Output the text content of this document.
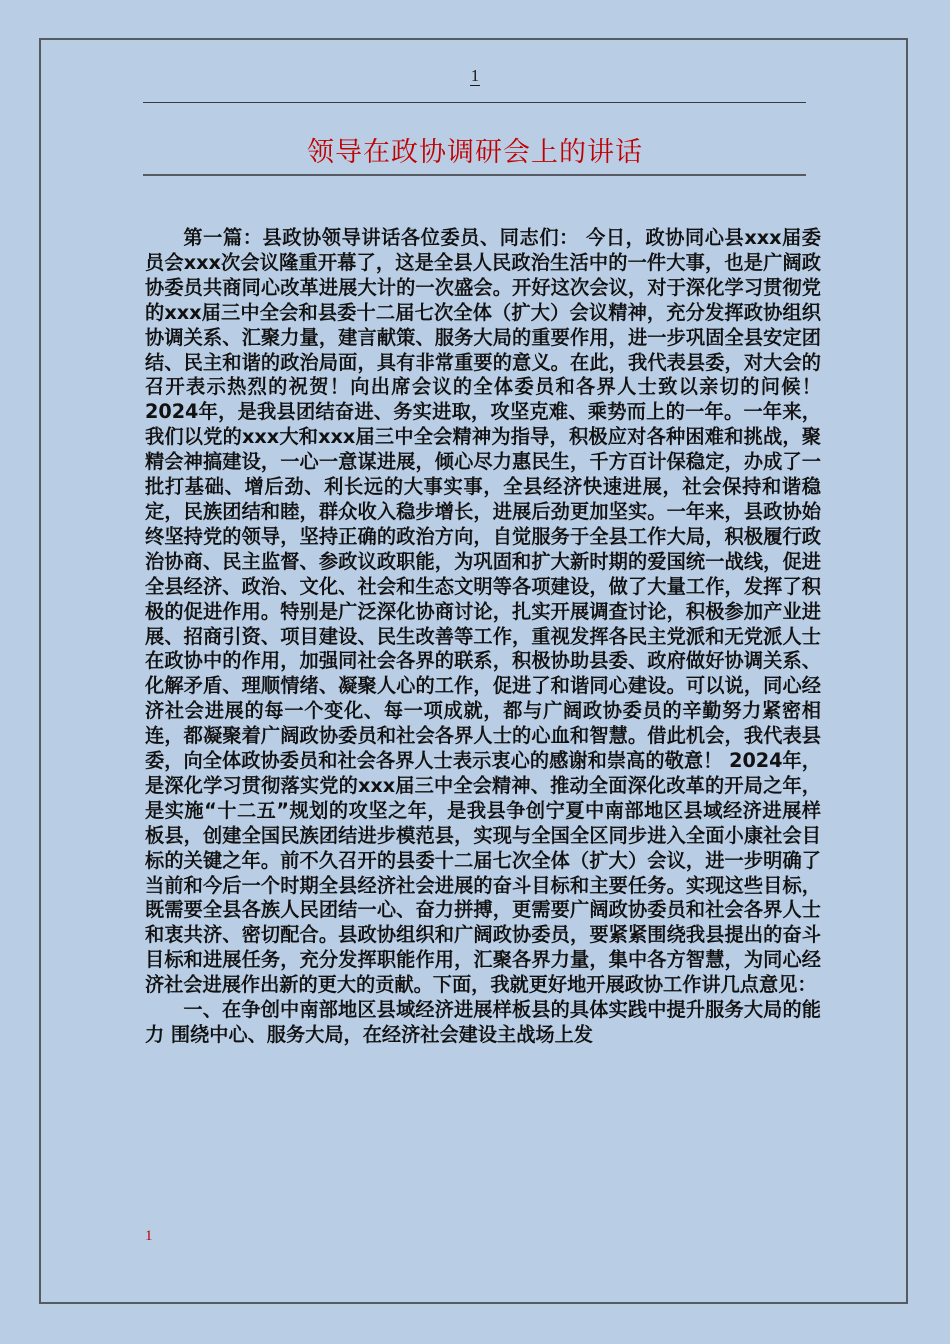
1
领导在政协调研会上的讲话

第一篇：县政协领导讲话各位委员、同志们： 今日，政协同心县xxx届委员会xxx次会议隆重开幕了，这是全县人民政治生活中的一件大事，也是广阔政协委员共商同心改革进展大计的一次盛会。开好这次会议，对于深化学习贯彻党的xxx届三中全会和县委十二届七次全体（扩大）会议精神，充分发挥政协组织协调关系、汇聚力量，建言献策、服务大局的重要作用，进一步巩固全县安定团结、民主和谐的政治局面，具有非常重要的意义。在此，我代表县委，对大会的召开表示热烈的祝贺！向出席会议的全体委员和各界人士致以亲切的问候！ 2024年，是我县团结奋进、务实进取，攻坚克难、乘势而上的一年。一年来，我们以党的xxx大和xxx届三中全会精神为指导，积极应对各种困难和挑战，聚精会神搞建设，一心一意谋进展，倾心尽力惠民生，千方百计保稳定，办成了一批打基础、增后劲、利长远的大事实事，全县经济快速进展，社会保持和谐稳定，民族团结和睦，群众收入稳步增长，进展后劲更加坚实。一年来，县政协始终坚持党的领导，坚持正确的政治方向，自觉服务于全县工作大局，积极履行政治协商、民主监督、参政议政职能，为巩固和扩大新时期的爱国统一战线，促进全县经济、政治、文化、社会和生态文明等各项建设，做了大量工作，发挥了积极的促进作用。特别是广泛深化协商讨论，扎实开展调查讨论，积极参加产业进展、招商引资、项目建设、民生改善等工作，重视发挥各民主党派和无党派人士在政协中的作用，加强同社会各界的联系，积极协助县委、政府做好协调关系、化解矛盾、理顺情绪、凝聚人心的工作，促进了和谐同心建设。可以说，同心经济社会进展的每一个变化、每一项成就，都与广阔政协委员的辛勤努力紧密相连，都凝聚着广阔政协委员和社会各界人士的心血和智慧。借此机会，我代表县委，向全体政协委员和社会各界人士表示衷心的感谢和崇高的敬意！ 2024年，是深化学习贯彻落实党的xxx届三中全会精神、推动全面深化改革的开局之年，是实施“十二五”规划的攻坚之年，是我县争创宁夏中南部地区县域经济进展样板县，创建全国民族团结进步模范县，实现与全国全区同步进入全面小康社会目标的关键之年。前不久召开的县委十二届七次全体（扩大）会议，进一步明确了当前和今后一个时期全县经济社会进展的奋斗目标和主要任务。实现这些目标，既需要全县各族人民团结一心、奋力拼搏，更需要广阔政协委员和社会各界人士和衷共济、密切配合。县政协组织和广阔政协委员，要紧紧围绕我县提出的奋斗目标和进展任务，充分发挥职能作用，汇聚各界力量，集中各方智慧，为同心经济社会进展作出新的更大的贡献。下面，我就更好地开展政协工作讲几点意见：

一、在争创中南部地区县域经济进展样板县的具体实践中提升服务大局的能力 围绕中心、服务大局，在经济社会建设主战场上发

1
